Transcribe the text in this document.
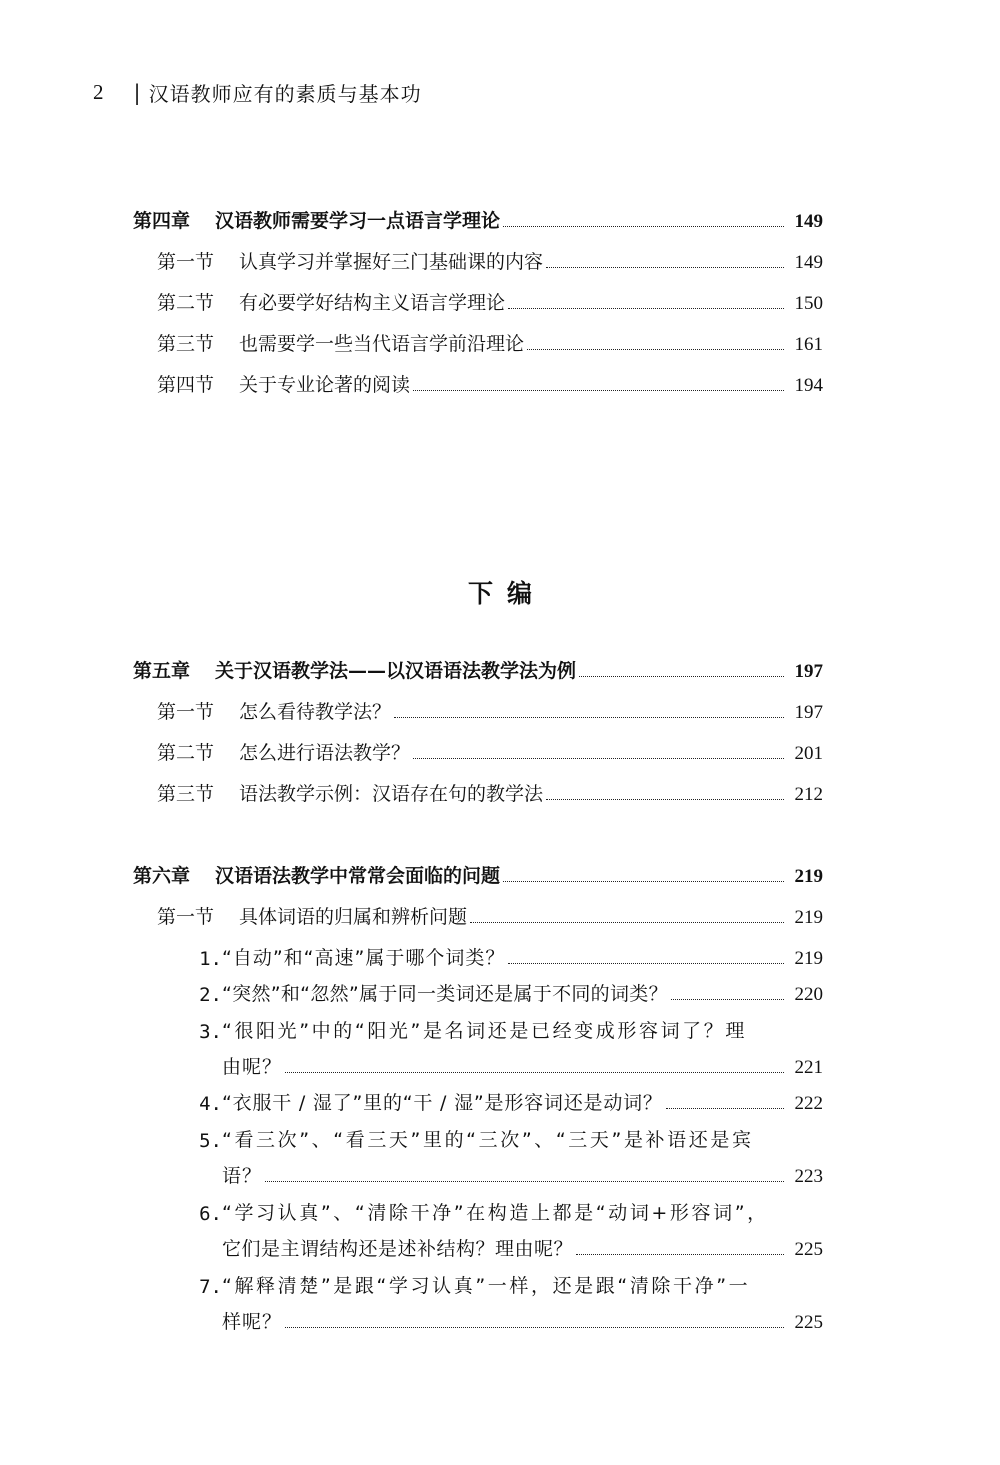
2 | 汉语教师应有的素质与基本功
第四章 汉语教师需要学习一点语言学理论	149
第一节 认真学习并掌握好三门基础课的内容	149
第二节 有必要学好结构主义语言学理论	150
第三节 也需要学一些当代语言学前沿理论	161
第四节 关于专业论著的阅读	194
下编
第五章 关于汉语教学法——以汉语语法教学法为例	197
第一节 怎么看待教学法？	197
第二节 怎么进行语法教学？	201
第三节 语法教学示例：汉语存在句的教学法	212
第六章 汉语语法教学中常常会面临的问题	219
第一节 具体词语的归属和辨析问题	219
1. “自动”和“高速”属于哪个词类？	219
2. “突然”和“忽然”属于同一类词还是属于不同的词类？	220
3. “很阳光”中的“阳光”是名词还是已经变成形容词了？理
由呢？	221
4. “衣服干 / 湿了”里的“干 / 湿”是形容词还是动词？	222
5. “看三次”、“看三天”里的“三次”、“三天”是补语还是宾
语？	223
6. “学习认真”、“清除干净”在构造上都是“动词+形容词”，
它们是主谓结构还是述补结构？理由呢？	225
7. “解释清楚”是跟“学习认真”一样，还是跟“清除干净”一
样呢？	225
